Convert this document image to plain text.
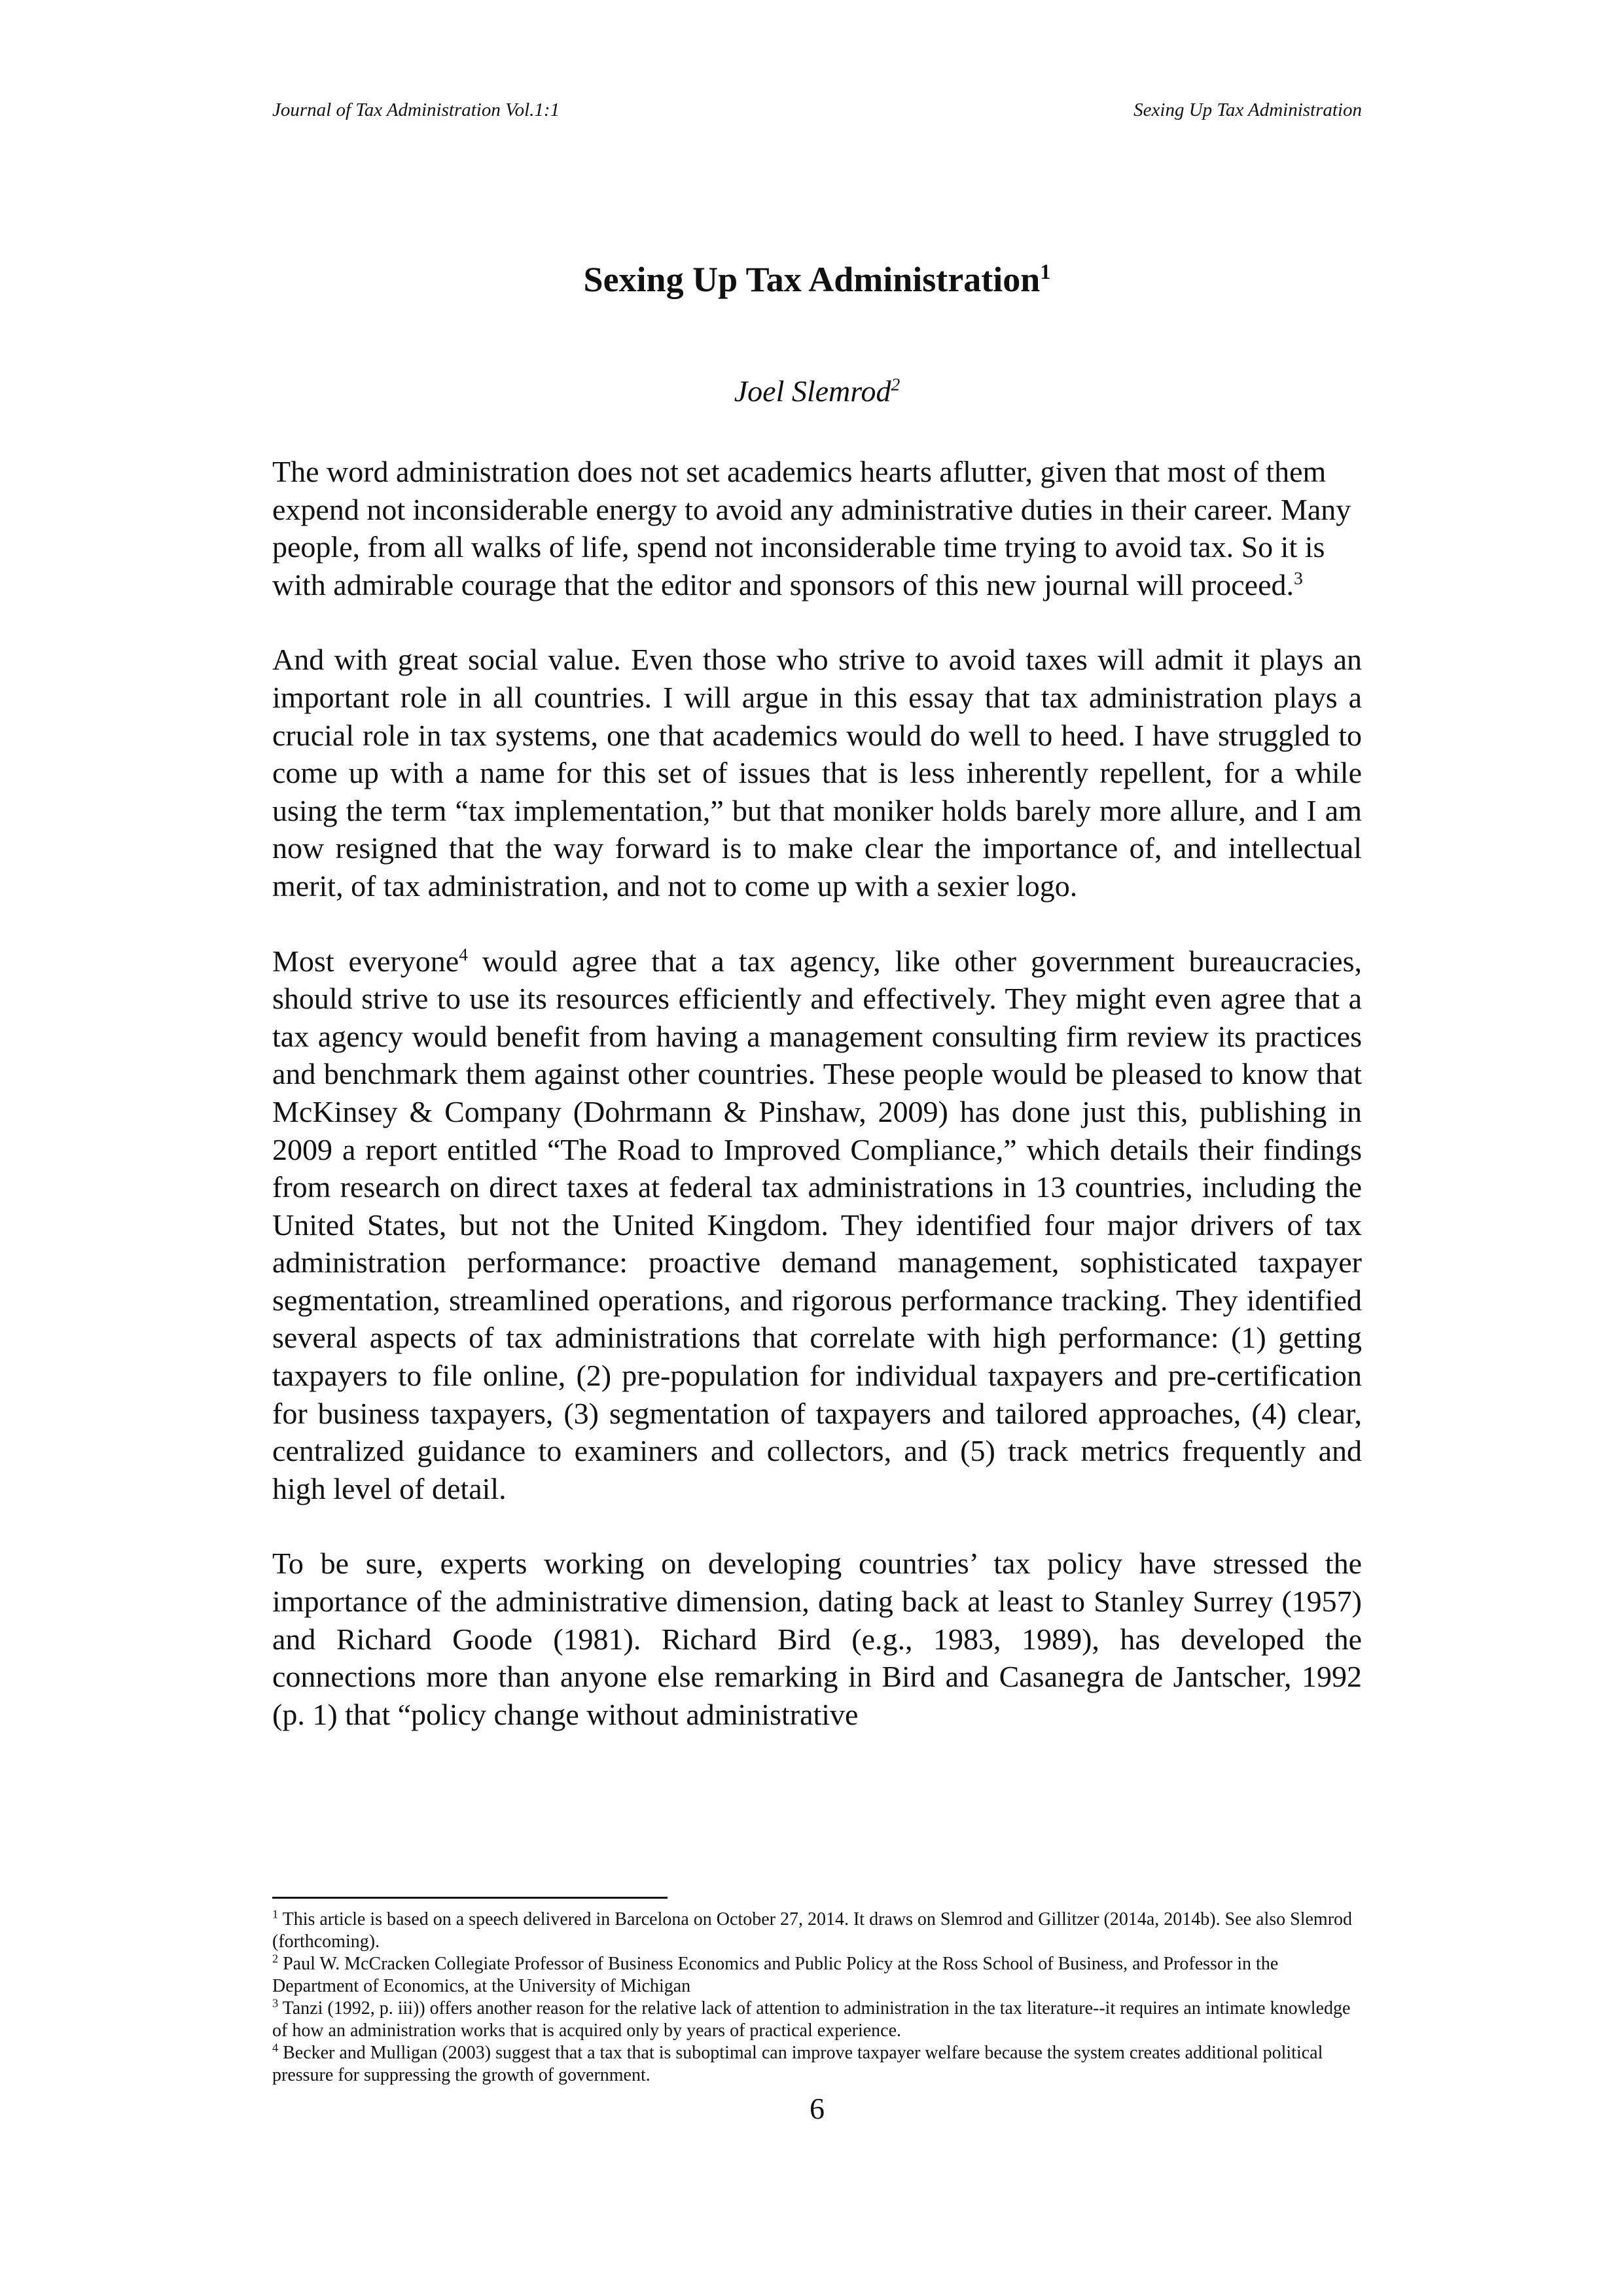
Journal of Tax Administration Vol.1:1	Sexing Up Tax Administration
Sexing Up Tax Administration$^1$
Joel Slemrod$^2$

The word administration does not set academics hearts aflutter, given that most of them expend not inconsiderable energy to avoid any administrative duties in their career. Many people, from all walks of life, spend not inconsiderable time trying to avoid tax. So it is with admirable courage that the editor and sponsors of this new journal will proceed.$^3$

And with great social value. Even those who strive to avoid taxes will admit it plays an important role in all countries. I will argue in this essay that tax administration plays a crucial role in tax systems, one that academics would do well to heed. I have struggled to come up with a name for this set of issues that is less inherently repellent, for a while using the term “tax implementation,” but that moniker holds barely more allure, and I am now resigned that the way forward is to make clear the importance of, and intellectual merit, of tax administration, and not to come up with a sexier logo.

Most everyone$^4$ would agree that a tax agency, like other government bureaucracies, should strive to use its resources efficiently and effectively. They might even agree that a tax agency would benefit from having a management consulting firm review its practices and benchmark them against other countries. These people would be pleased to know that McKinsey & Company (Dohrmann & Pinshaw, 2009) has done just this, publishing in 2009 a report entitled “The Road to Improved Compliance,” which details their findings from research on direct taxes at federal tax administrations in 13 countries, including the United States, but not the United Kingdom. They identified four major drivers of tax administration performance: proactive demand management, sophisticated taxpayer segmentation, streamlined operations, and rigorous performance tracking. They identified several aspects of tax administrations that correlate with high performance: (1) getting taxpayers to file online, (2) pre-population for individual taxpayers and pre-certification for business taxpayers, (3) segmentation of taxpayers and tailored approaches, (4) clear, centralized guidance to examiners and collectors, and (5) track metrics frequently and high level of detail.

To be sure, experts working on developing countries’ tax policy have stressed the importance of the administrative dimension, dating back at least to Stanley Surrey (1957) and Richard Goode (1981). Richard Bird (e.g., 1983, 1989), has developed the connections more than anyone else remarking in Bird and Casanegra de Jantscher, 1992 (p. 1) that “policy change without administrative

$^1$ This article is based on a speech delivered in Barcelona on October 27, 2014. It draws on Slemrod and Gillitzer (2014a, 2014b). See also Slemrod (forthcoming).

$^2$ Paul W. McCracken Collegiate Professor of Business Economics and Public Policy at the Ross School of Business, and Professor in the Department of Economics, at the University of Michigan

$^3$ Tanzi (1992, p. iii)) offers another reason for the relative lack of attention to administration in the tax literature--it requires an intimate knowledge of how an administration works that is acquired only by years of practical experience.

$^4$ Becker and Mulligan (2003) suggest that a tax that is suboptimal can improve taxpayer welfare because the system creates additional political pressure for suppressing the growth of government.

6
